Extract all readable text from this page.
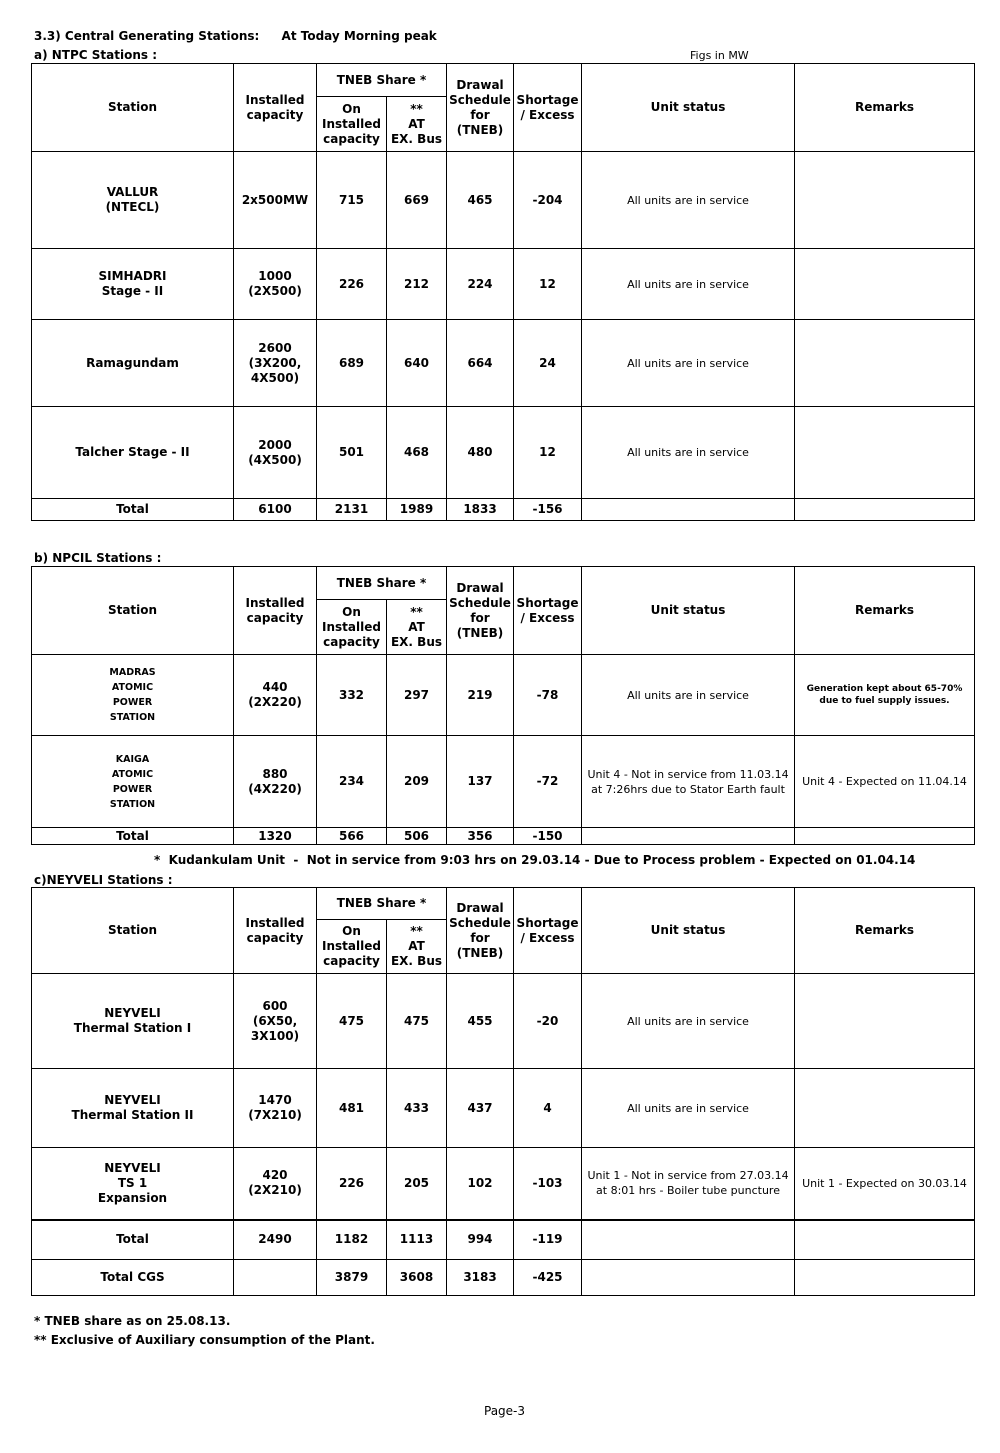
3.3) Central Generating Stations: At Today Morning peak
a) NTPC Stations :	Figs in MW
Station	Installed
capacity	TNEB Share *		Drawal
Schedule
for
(TNEB)	Shortage
/ Excess	Unit status	Remarks
		On
Installed
capacity	**
AT
EX. Bus				
VALLUR
(NTECL)	2x500MW	715	669	465	-204	All units are in service	
SIMHADRI
Stage - II	1000
(2X500)	226	212	224	12	All units are in service	
Ramagundam	2600
(3X200,
4X500)	689	640	664	24	All units are in service	
Talcher Stage - II	2000
(4X500)	501	468	480	12	All units are in service	
Total	6100	2131	1989	1833	-156		
b) NPCIL Stations :
Station	Installed
capacity	TNEB Share *		Drawal
Schedule
for
(TNEB)	Shortage
/ Excess	Unit status	Remarks
		On
Installed
capacity	**
AT
EX. Bus				
MADRAS
ATOMIC
POWER
STATION	440
(2X220)	332	297	219	-78	All units are in service	Generation kept about 65-70% due to fuel supply issues.
KAIGA
ATOMIC
POWER
STATION	880
(4X220)	234	209	137	-72	Unit 4 - Not in service from 11.03.14 at 7:26hrs due to Stator Earth fault	Unit 4 - Expected on 11.04.14
Total	1320	566	506	356	-150		
*  Kudankulam Unit  -  Not in service from 9:03 hrs on 29.03.14 - Due to Process problem - Expected on 01.04.14
c)NEYVELI Stations :
Station	Installed
capacity	TNEB Share *		Drawal
Schedule
for
(TNEB)	Shortage
/ Excess	Unit status	Remarks
		On
Installed
capacity	**
AT
EX. Bus				
NEYVELI
Thermal Station I	600
(6X50,
3X100)	475	475	455	-20	All units are in service	
NEYVELI
Thermal Station II	1470
(7X210)	481	433	437	4	All units are in service	
NEYVELI
TS 1
Expansion	420
(2X210)	226	205	102	-103	Unit 1 - Not in service from 27.03.14 at 8:01 hrs - Boiler tube puncture	Unit 1 - Expected on 30.03.14
Total	2490	1182	1113	994	-119		
Total CGS		3879	3608	3183	-425		
* TNEB share as on 25.08.13.
** Exclusive of Auxiliary consumption of the Plant.
Page-3
